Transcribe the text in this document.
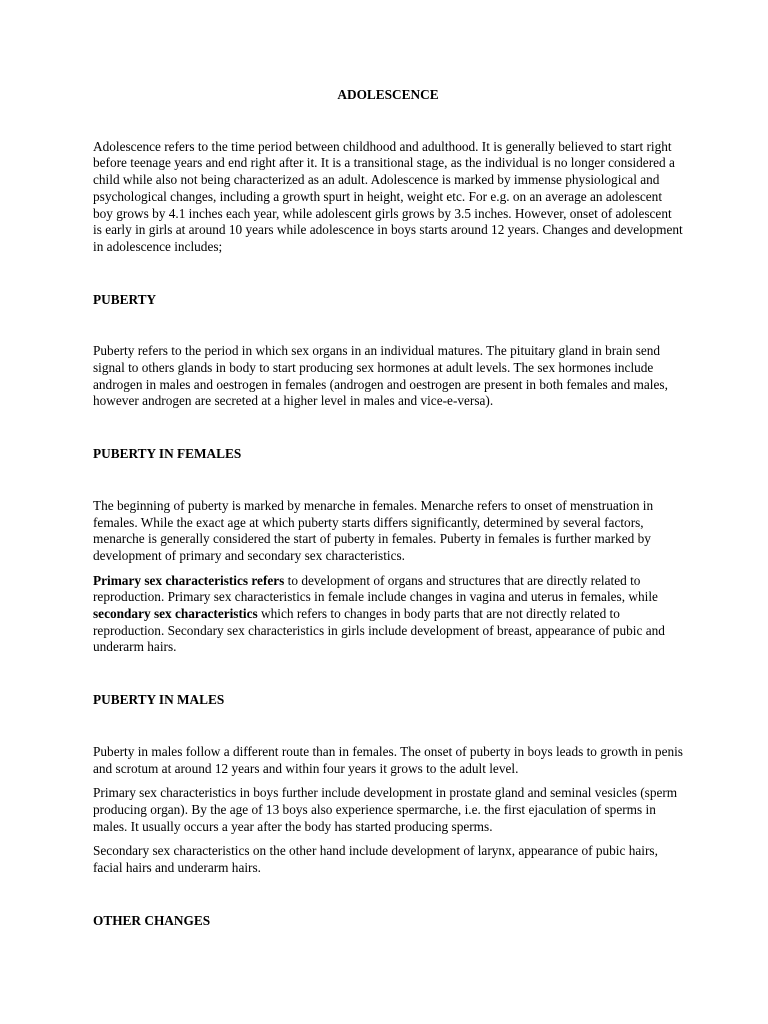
ADOLESCENCE

Adolescence refers to the time period between childhood and adulthood. It is generally believed to start right before teenage years and end right after it. It is a transitional stage, as the individual is no longer considered a child while also not being characterized as an adult. Adolescence is marked by immense physiological and psychological changes, including a growth spurt in height, weight etc. For e.g. on an average an adolescent boy grows by 4.1 inches each year, while adolescent girls grows by 3.5 inches. However, onset of adolescent is early in girls at around 10 years while adolescence in boys starts around 12 years. Changes and development in adolescence includes;

PUBERTY

Puberty refers to the period in which sex organs in an individual matures. The pituitary gland in brain send signal to others glands in body to start producing sex hormones at adult levels. The sex hormones include androgen in males and oestrogen in females (androgen and oestrogen are present in both females and males, however androgen are secreted at a higher level in males and vice-e-versa).

PUBERTY IN FEMALES

The beginning of puberty is marked by menarche in females. Menarche refers to onset of menstruation in females. While the exact age at which puberty starts differs significantly, determined by several factors, menarche is generally considered the start of puberty in females. Puberty in females is further marked by development of primary and secondary sex characteristics.

Primary sex characteristics refers to development of organs and structures that are directly related to reproduction. Primary sex characteristics in female include changes in vagina and uterus in females, while secondary sex characteristics which refers to changes in body parts that are not directly related to reproduction. Secondary sex characteristics in girls include development of breast, appearance of pubic and underarm hairs.

PUBERTY IN MALES

Puberty in males follow a different route than in females. The onset of puberty in boys leads to growth in penis and scrotum at around 12 years and within four years it grows to the adult level.

Primary sex characteristics in boys further include development in prostate gland and seminal vesicles (sperm producing organ). By the age of 13 boys also experience spermarche, i.e. the first ejaculation of sperms in males. It usually occurs a year after the body has started producing sperms.

Secondary sex characteristics on the other hand include development of larynx, appearance of pubic hairs, facial hairs and underarm hairs.

OTHER CHANGES
